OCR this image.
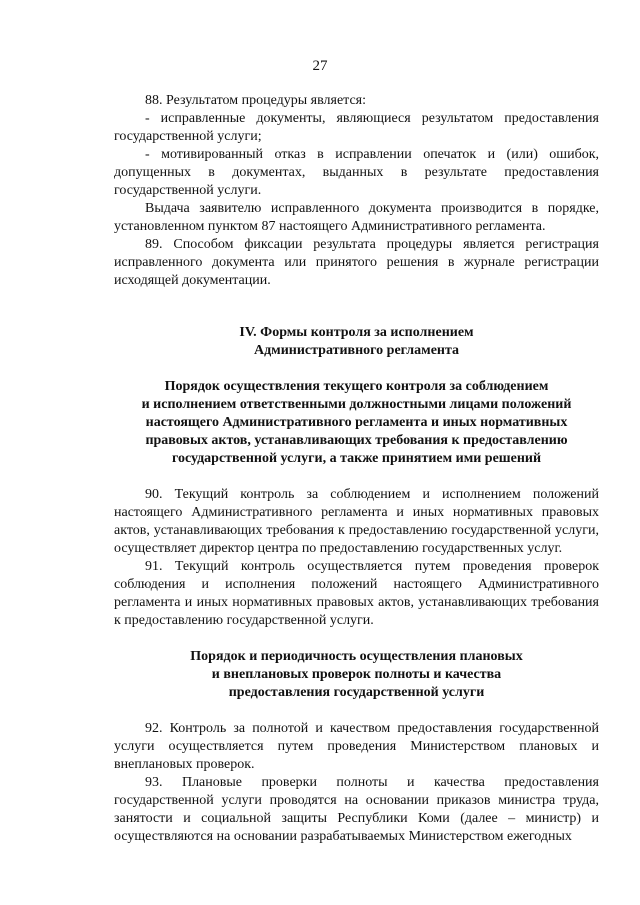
27

88. Результатом процедуры является:

- исправленные документы, являющиеся результатом предоставления государственной услуги;

- мотивированный отказ в исправлении опечаток и (или) ошибок, допущенных в документах, выданных в результате предоставления государственной услуги.

Выдача заявителю исправленного документа производится в порядке, установленном пунктом 87 настоящего Административного регламента.

89. Способом фиксации результата процедуры является регистрация исправленного документа или принятого решения в журнале регистрации исходящей документации.

IV. Формы контроля за исполнением

Административного регламента

Порядок осуществления текущего контроля за соблюдением

и исполнением ответственными должностными лицами положений

настоящего Административного регламента и иных нормативных

правовых актов, устанавливающих требования к предоставлению

государственной услуги, а также принятием ими решений

90. Текущий контроль за соблюдением и исполнением положений настоящего Административного регламента и иных нормативных правовых актов, устанавливающих требования к предоставлению государственной услуги, осуществляет директор центра по предоставлению государственных услуг.

91. Текущий контроль осуществляется путем проведения проверок соблюдения и исполнения положений настоящего Административного регламента и иных нормативных правовых актов, устанавливающих требования к предоставлению государственной услуги.

Порядок и периодичность осуществления плановых

и внеплановых проверок полноты и качества

предоставления государственной услуги

92. Контроль за полнотой и качеством предоставления государственной услуги осуществляется путем проведения Министерством плановых и внеплановых проверок.

93. Плановые проверки полноты и качества предоставления государственной услуги проводятся на основании приказов министра труда, занятости и социальной защиты Республики Коми (далее – министр) и осуществляются на основании разрабатываемых Министерством ежегодных
